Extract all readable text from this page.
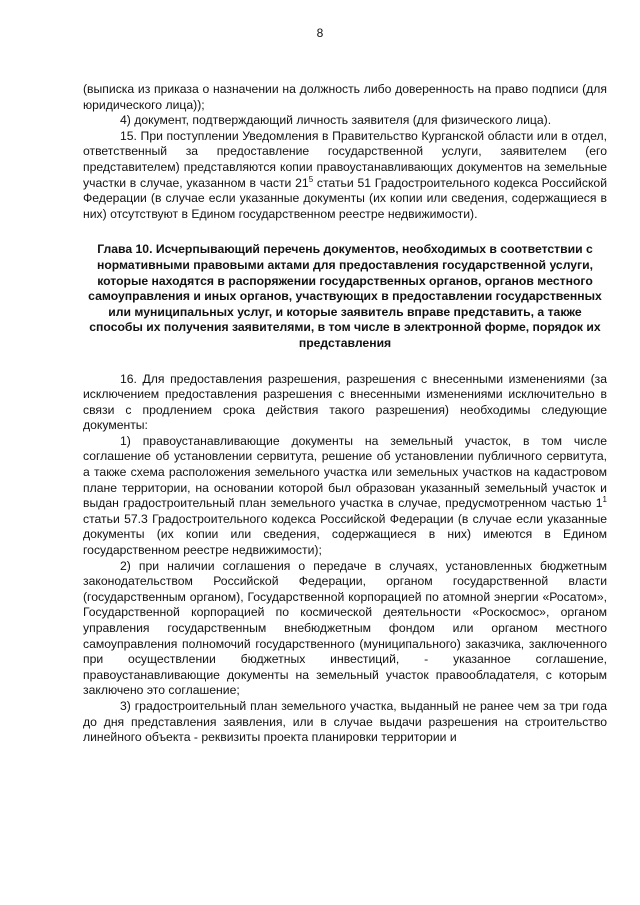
8

(выписка из приказа о назначении на должность либо доверенность на право подписи (для юридического лица));

4) документ, подтверждающий личность заявителя (для физического лица).

15. При поступлении Уведомления в Правительство Курганской области или в отдел, ответственный за предоставление государственной услуги, заявителем (его представителем) представляются копии правоустанавливающих документов на земельные участки в случае, указанном в части $21^5$ статьи 51 Градостроительного кодекса Российской Федерации (в случае если указанные документы (их копии или сведения, содержащиеся в них) отсутствуют в Едином государственном реестре недвижимости).

Глава 10. Исчерпывающий перечень документов, необходимых в соответствии с нормативными правовыми актами для предоставления государственной услуги, которые находятся в распоряжении государственных органов, органов местного самоуправления и иных органов, участвующих в предоставлении государственных или муниципальных услуг, и которые заявитель вправе представить, а также способы их получения заявителями, в том числе в электронной форме, порядок их представления

16. Для предоставления разрешения, разрешения с внесенными изменениями (за исключением предоставления разрешения с внесенными изменениями исключительно в связи с продлением срока действия такого разрешения) необходимы следующие документы:

1) правоустанавливающие документы на земельный участок, в том числе соглашение об установлении сервитута, решение об установлении публичного сервитута, а также схема расположения земельного участка или земельных участков на кадастровом плане территории, на основании которой был образован указанный земельный участок и выдан градостроительный план земельного участка в случае, предусмотренном частью $1^1$ статьи 57.3 Градостроительного кодекса Российской Федерации (в случае если указанные документы (их копии или сведения, содержащиеся в них) имеются в Едином государственном реестре недвижимости);

2) при наличии соглашения о передаче в случаях, установленных бюджетным законодательством Российской Федерации, органом государственной власти (государственным органом), Государственной корпорацией по атомной энергии «Росатом», Государственной корпорацией по космической деятельности «Роскосмос», органом управления государственным внебюджетным фондом или органом местного самоуправления полномочий государственного (муниципального) заказчика, заключенного при осуществлении бюджетных инвестиций, - указанное соглашение, правоустанавливающие документы на земельный участок правообладателя, с которым заключено это соглашение;

3) градостроительный план земельного участка, выданный не ранее чем за три года до дня представления заявления, или в случае выдачи разрешения на строительство линейного объекта - реквизиты проекта планировки территории и
